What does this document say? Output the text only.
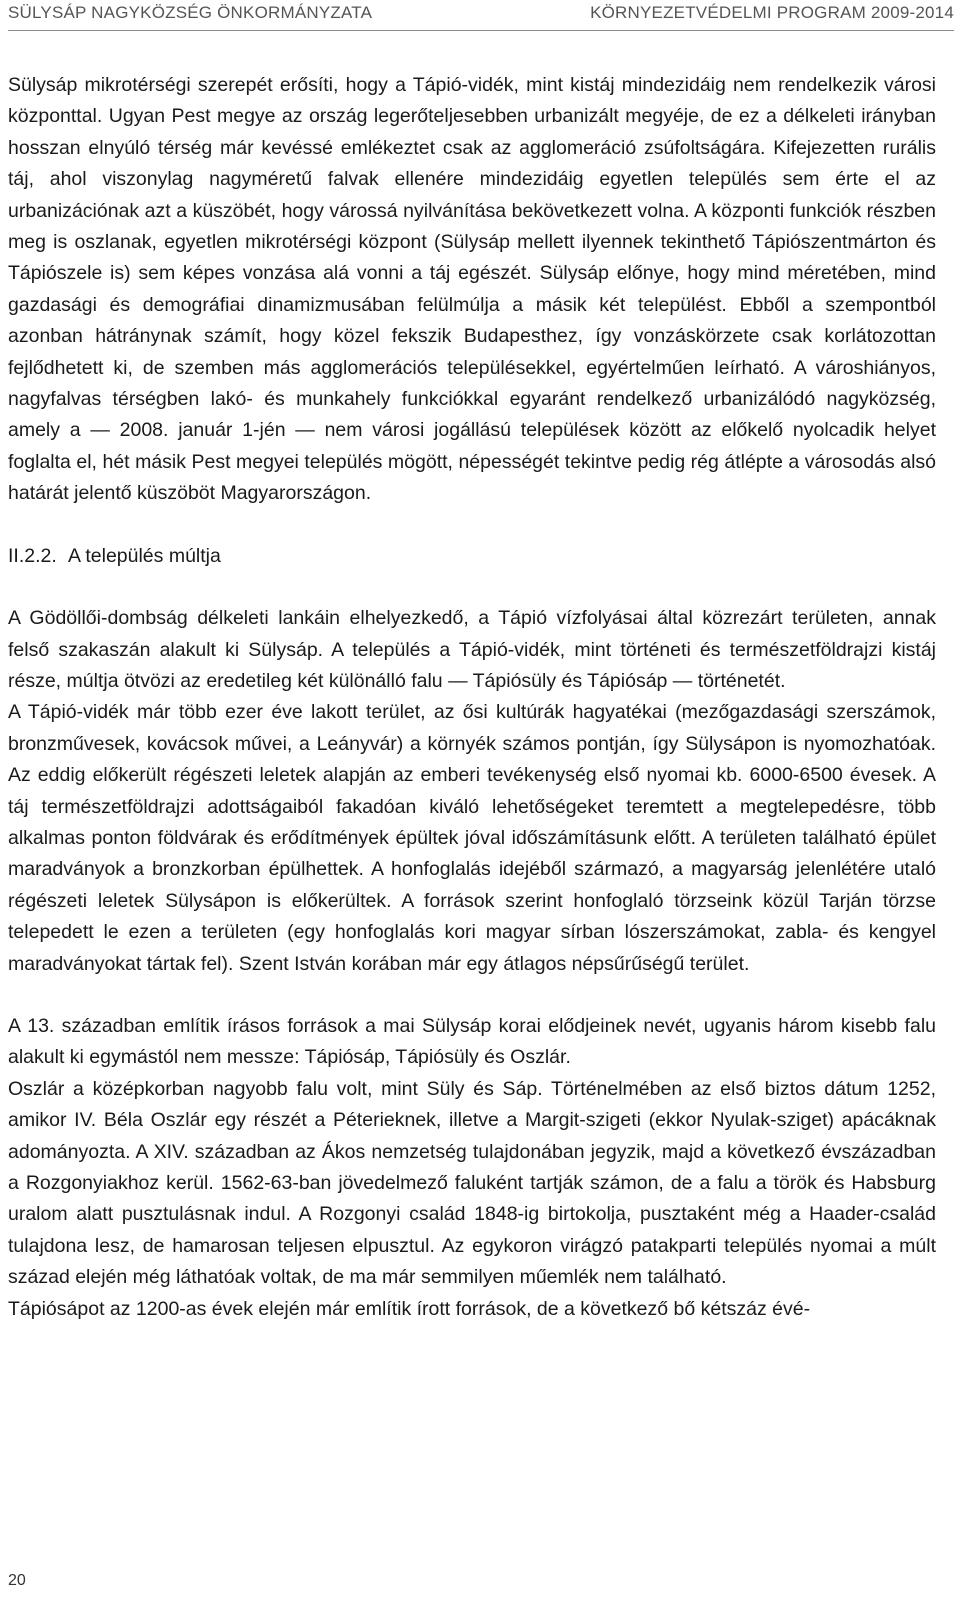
SÜLYSÁP NAGYKÖZSÉG ÖNKORMÁNYZATA	KÖRNYEZETVÉDELMI PROGRAM 2009-2014

Sülysáp mikrotérségi szerepét erősíti, hogy a Tápió-vidék, mint kistáj mindezidáig nem rendelkezik városi központtal. Ugyan Pest megye az ország legerőteljesebben urbanizált megyéje, de ez a délkeleti irányban hosszan elnyúló térség már kevéssé emlékeztet csak az agglomeráció zsúfoltságára. Kifejezetten rurális táj, ahol viszonylag nagyméretű falvak ellenére mindezidáig egyetlen település sem érte el az urbanizációnak azt a küszöbét, hogy várossá nyilvánítása bekövetkezett volna. A központi funkciók részben meg is oszlanak, egyetlen mikrotérségi központ (Sülysáp mellett ilyennek tekinthető Tápiószentmárton és Tápiószele is) sem képes vonzása alá vonni a táj egészét. Sülysáp előnye, hogy mind méretében, mind gazdasági és demográfiai dinamizmusában felülmúlja a másik két települést. Ebből a szempontból azonban hátránynak számít, hogy közel fekszik Budapesthez, így vonzáskörzete csak korlátozottan fejlődhetett ki, de szemben más agglomerációs településekkel, egyértelműen leírható. A városhiányos, nagyfalvas térségben lakó- és munkahely funkciókkal egyaránt rendelkező urbanizálódó nagyközség, amely a — 2008. január 1-jén — nem városi jogállású települések között az előkelő nyolcadik helyet foglalta el, hét másik Pest megyei település mögött, népességét tekintve pedig rég átlépte a városodás alsó határát jelentő küszöböt Magyarországon.

II.2.2. A település múltja

A Gödöllői-dombság délkeleti lankáin elhelyezkedő, a Tápió vízfolyásai által közrezárt területen, annak felső szakaszán alakult ki Sülysáp. A település a Tápió-vidék, mint történeti és természetföldrajzi kistáj része, múltja ötvözi az eredetileg két különálló falu — Tápiósüly és Tápiósáp — történetét.

A Tápió-vidék már több ezer éve lakott terület, az ősi kultúrák hagyatékai (mezőgazdasági szerszámok, bronzművesek, kovácsok művei, a Leányvár) a környék számos pontján, így Sülysápon is nyomozhatóak. Az eddig előkerült régészeti leletek alapján az emberi tevékenység első nyomai kb. 6000-6500 évesek. A táj természetföldrajzi adottságaiból fakadóan kiváló lehetőségeket teremtett a megtelepedésre, több alkalmas ponton földvárak és erődítmények épültek jóval időszámításunk előtt. A területen található épület maradványok a bronzkorban épülhettek. A honfoglalás idejéből származó, a magyarság jelenlétére utaló régészeti leletek Sülysápon is előkerültek. A források szerint honfoglaló törzseink közül Tarján törzse telepedett le ezen a területen (egy honfoglalás kori magyar sírban lószerszámokat, zabla- és kengyel maradványokat tártak fel). Szent István korában már egy átlagos népsűrűségű terület.

A 13. században említik írásos források a mai Sülysáp korai elődjeinek nevét, ugyanis három kisebb falu alakult ki egymástól nem messze: Tápiósáp, Tápiósüly és Oszlár.

Oszlár a középkorban nagyobb falu volt, mint Süly és Sáp. Történelmében az első biztos dátum 1252, amikor IV. Béla Oszlár egy részét a Péterieknek, illetve a Margit-szigeti (ekkor Nyulak-sziget) apácáknak adományozta. A XIV. században az Ákos nemzetség tulajdonában jegyzik, majd a következő évszázadban a Rozgonyiakhoz kerül. 1562-63-ban jövedelmező faluként tartják számon, de a falu a török és Habsburg uralom alatt pusztulásnak indul. A Rozgonyi család 1848-ig birtokolja, pusztaként még a Haader-család tulajdona lesz, de hamarosan teljesen elpusztul. Az egykoron virágzó patakparti település nyomai a múlt század elején még láthatóak voltak, de ma már semmilyen műemlék nem található.

Tápiósápot az 1200-as évek elején már említik írott források, de a következő bő kétszáz évé-

20
